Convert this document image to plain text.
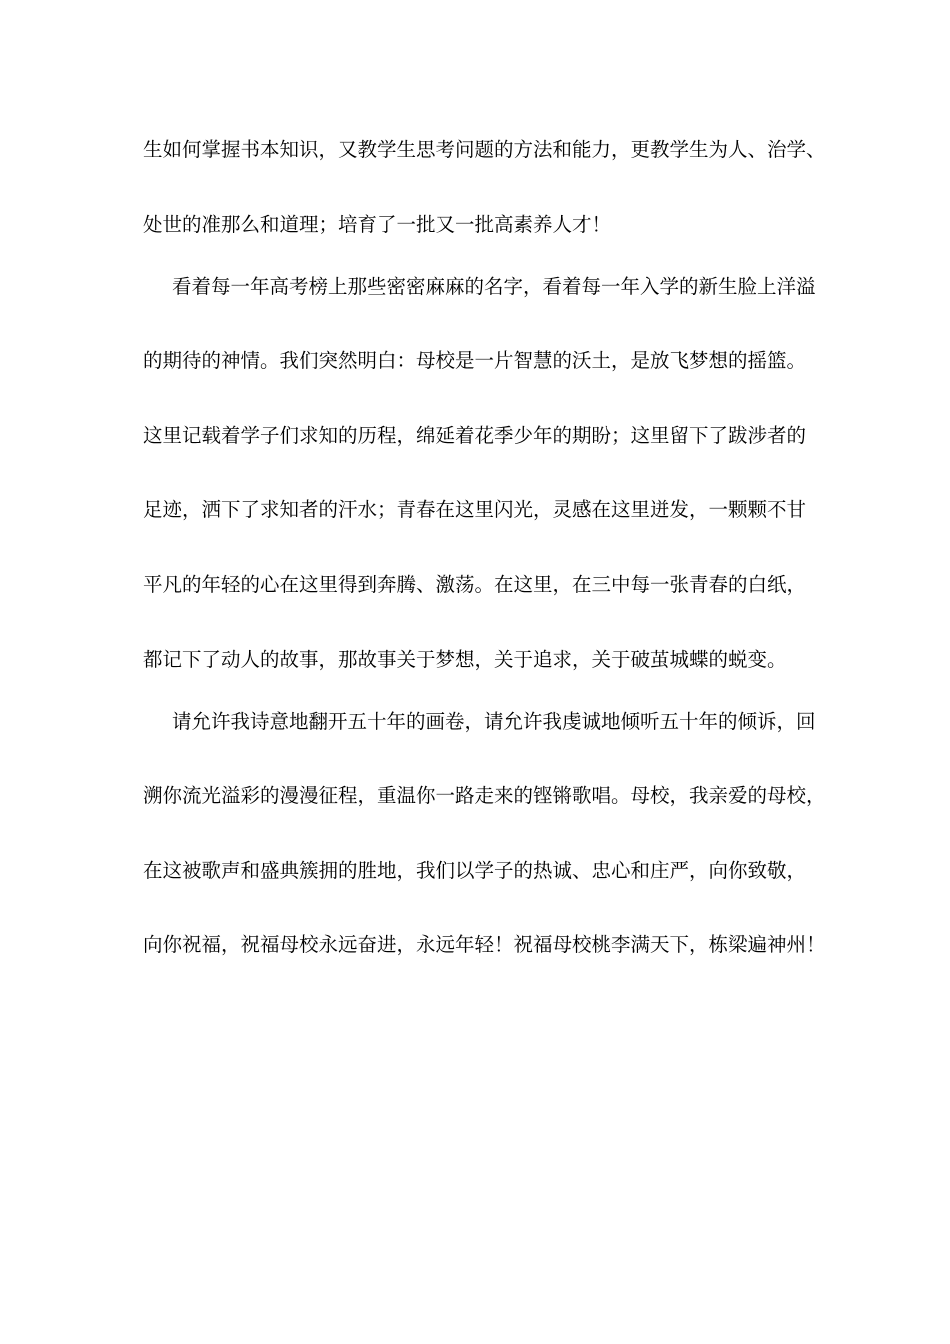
生如何掌握书本知识，又教学生思考问题的方法和能力，更教学生为人、治学、
处世的准那么和道理；培育了一批又一批高素养人才！
看着每一年高考榜上那些密密麻麻的名字，看着每一年入学的新生脸上洋溢
的期待的神情。我们突然明白：母校是一片智慧的沃土，是放飞梦想的摇篮。
这里记载着学子们求知的历程，绵延着花季少年的期盼；这里留下了跋涉者的
足迹，洒下了求知者的汗水；青春在这里闪光，灵感在这里迸发，一颗颗不甘
平凡的年轻的心在这里得到奔腾、激荡。在这里，在三中每一张青春的白纸，
都记下了动人的故事，那故事关于梦想，关于追求，关于破茧城蝶的蜕变。
请允许我诗意地翻开五十年的画卷，请允许我虔诚地倾听五十年的倾诉，回
溯你流光溢彩的漫漫征程，重温你一路走来的铿锵歌唱。母校，我亲爱的母校，
在这被歌声和盛典簇拥的胜地，我们以学子的热诚、忠心和庄严，向你致敬，
向你祝福，祝福母校永远奋进，永远年轻！祝福母校桃李满天下，栋梁遍神州！
